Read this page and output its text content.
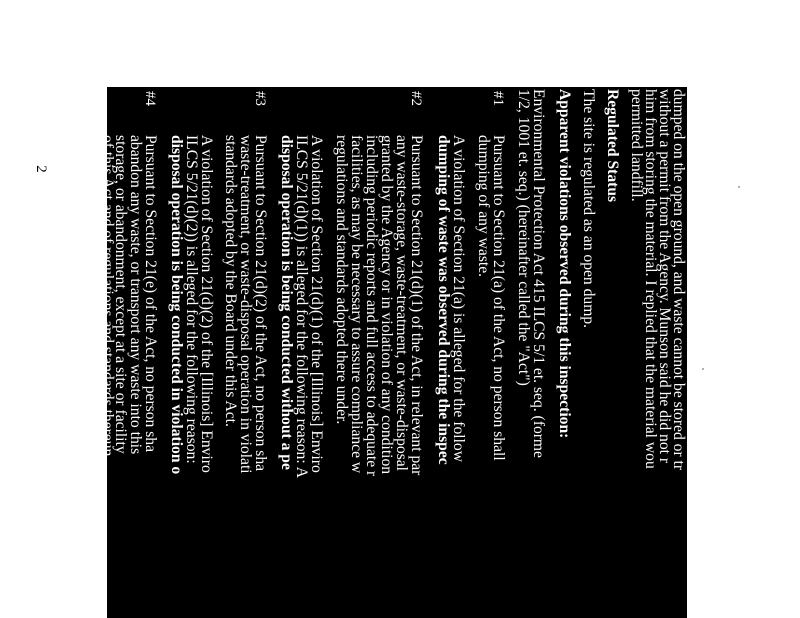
2	dumped on the open ground, and waste cannot be stored or tr
without a permit from the Agency. Munson said he did not r
him from storing the material. I replied that the material wou
permitted landfill.
Regulated Status
The site is regulated as an open dump.
Apparent violations observed during this inspection:
Environmental Protection Act 415 ILCS 5/1 et. seq. (forme
1/2, 1001 et. seq.) (hereinafter called the "Act")
#1
Pursuant to Section 21(a) of the Act, no person shall
dumping of any waste.
A violation of Section 21(a) is alleged for the follow
dumping of waste was observed during the inspec
#2
Pursuant to Section 21(d)(1) of the Act, in relevant par
any waste-storage, waste-treatment, or waste-disposal
granted by the Agency or in violation of any condition
including periodic reports and full access to adequate r
facilities, as may be necessary to assure compliance w
regulations and standards adopted there under.
A violation of Section 21(d)(1) of the [Illinois] Enviro
ILCS 5/21(d)(1)) is alleged for the following reason: A
disposal operation is being conducted without a pe
#3
Pursuant to Section 21(d)(2) of the Act, no person sha
waste-treatment, or waste-disposal operation in violati
standards adopted by the Board under this Act.
A violation of Section 21(d)(2) of the [Illinois] Enviro
ILCS 5/21(d)(2)) is alleged for the following reason:
disposal operation is being conducted in violation o
#4
Pursuant to Section 21(e) of the Act, no person sha
abandon any waste, or transport any waste into this
storage, or abandonment, except at a site or facility
of this Act and of regulations and standards thereun
